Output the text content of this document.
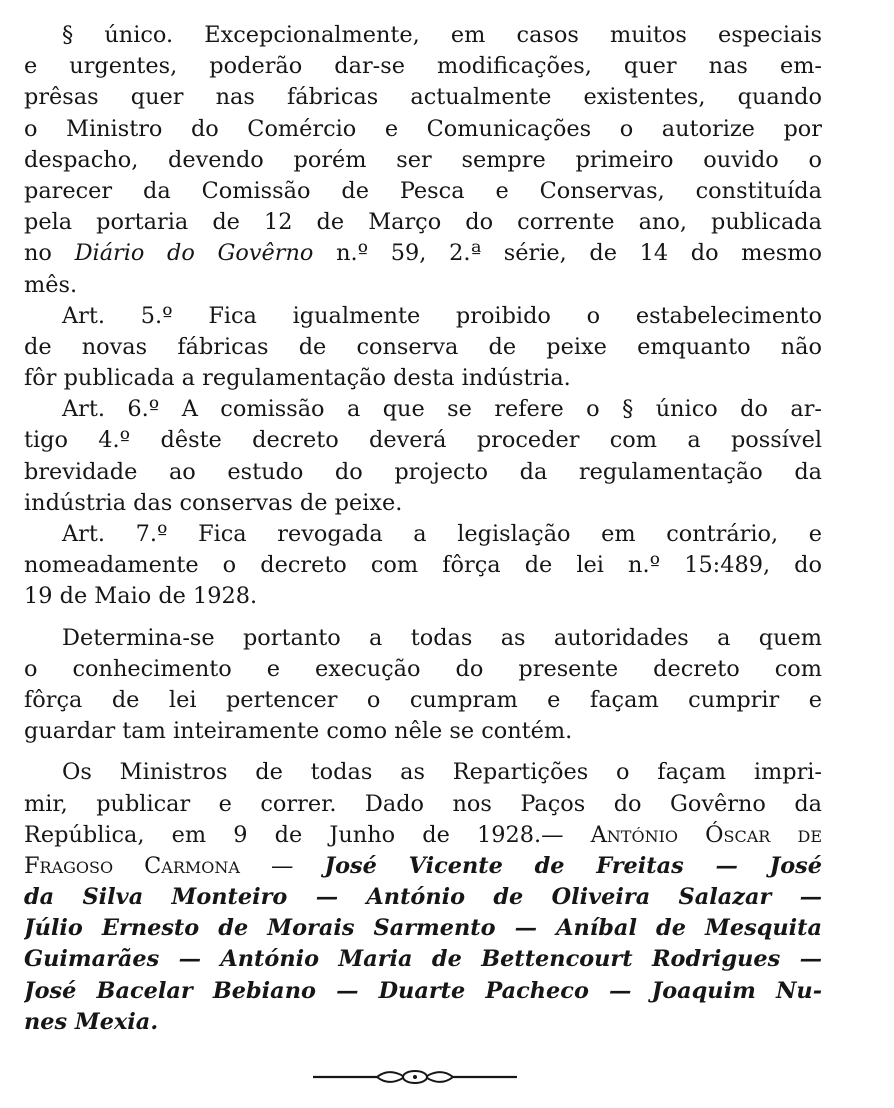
§ único. Excepcionalmente, em casos muitos especiais
e urgentes, poderão dar-se modificações, quer nas em-
prêsas quer nas fábricas actualmente existentes, quando
o Ministro do Comércio e Comunicações o autorize por
despacho, devendo porém ser sempre primeiro ouvido o
parecer da Comissão de Pesca e Conservas, constituída
pela portaria de 12 de Março do corrente ano, publicada
no Diário do Govêrno n.º 59, 2.ª série, de 14 do mesmo
mês.
Art. 5.º Fica igualmente proibido o estabelecimento
de novas fábricas de conserva de peixe emquanto não
fôr publicada a regulamentação desta indústria.
Art. 6.º A comissão a que se refere o § único do ar-
tigo 4.º dêste decreto deverá proceder com a possível
brevidade ao estudo do projecto da regulamentação da
indústria das conservas de peixe.
Art. 7.º Fica revogada a legislação em contrário, e
nomeadamente o decreto com fôrça de lei n.º 15:489, do
19 de Maio de 1928.
Determina-se portanto a todas as autoridades a quem
o conhecimento e execução do presente decreto com
fôrça de lei pertencer o cumpram e façam cumprir e
guardar tam inteiramente como nêle se contém.
Os Ministros de todas as Repartições o façam impri-
mir, publicar e correr. Dado nos Paços do Govêrno da
República, em 9 de Junho de 1928.— António Óscar de
Fragoso Carmona — José Vicente de Freitas — José
da Silva Monteiro — António de Oliveira Salazar —
Júlio Ernesto de Morais Sarmento — Aníbal de Mesquita
Guimarães — António Maria de Bettencourt Rodrigues —
José Bacelar Bebiano — Duarte Pacheco — Joaquim Nu-
nes Mexia.
